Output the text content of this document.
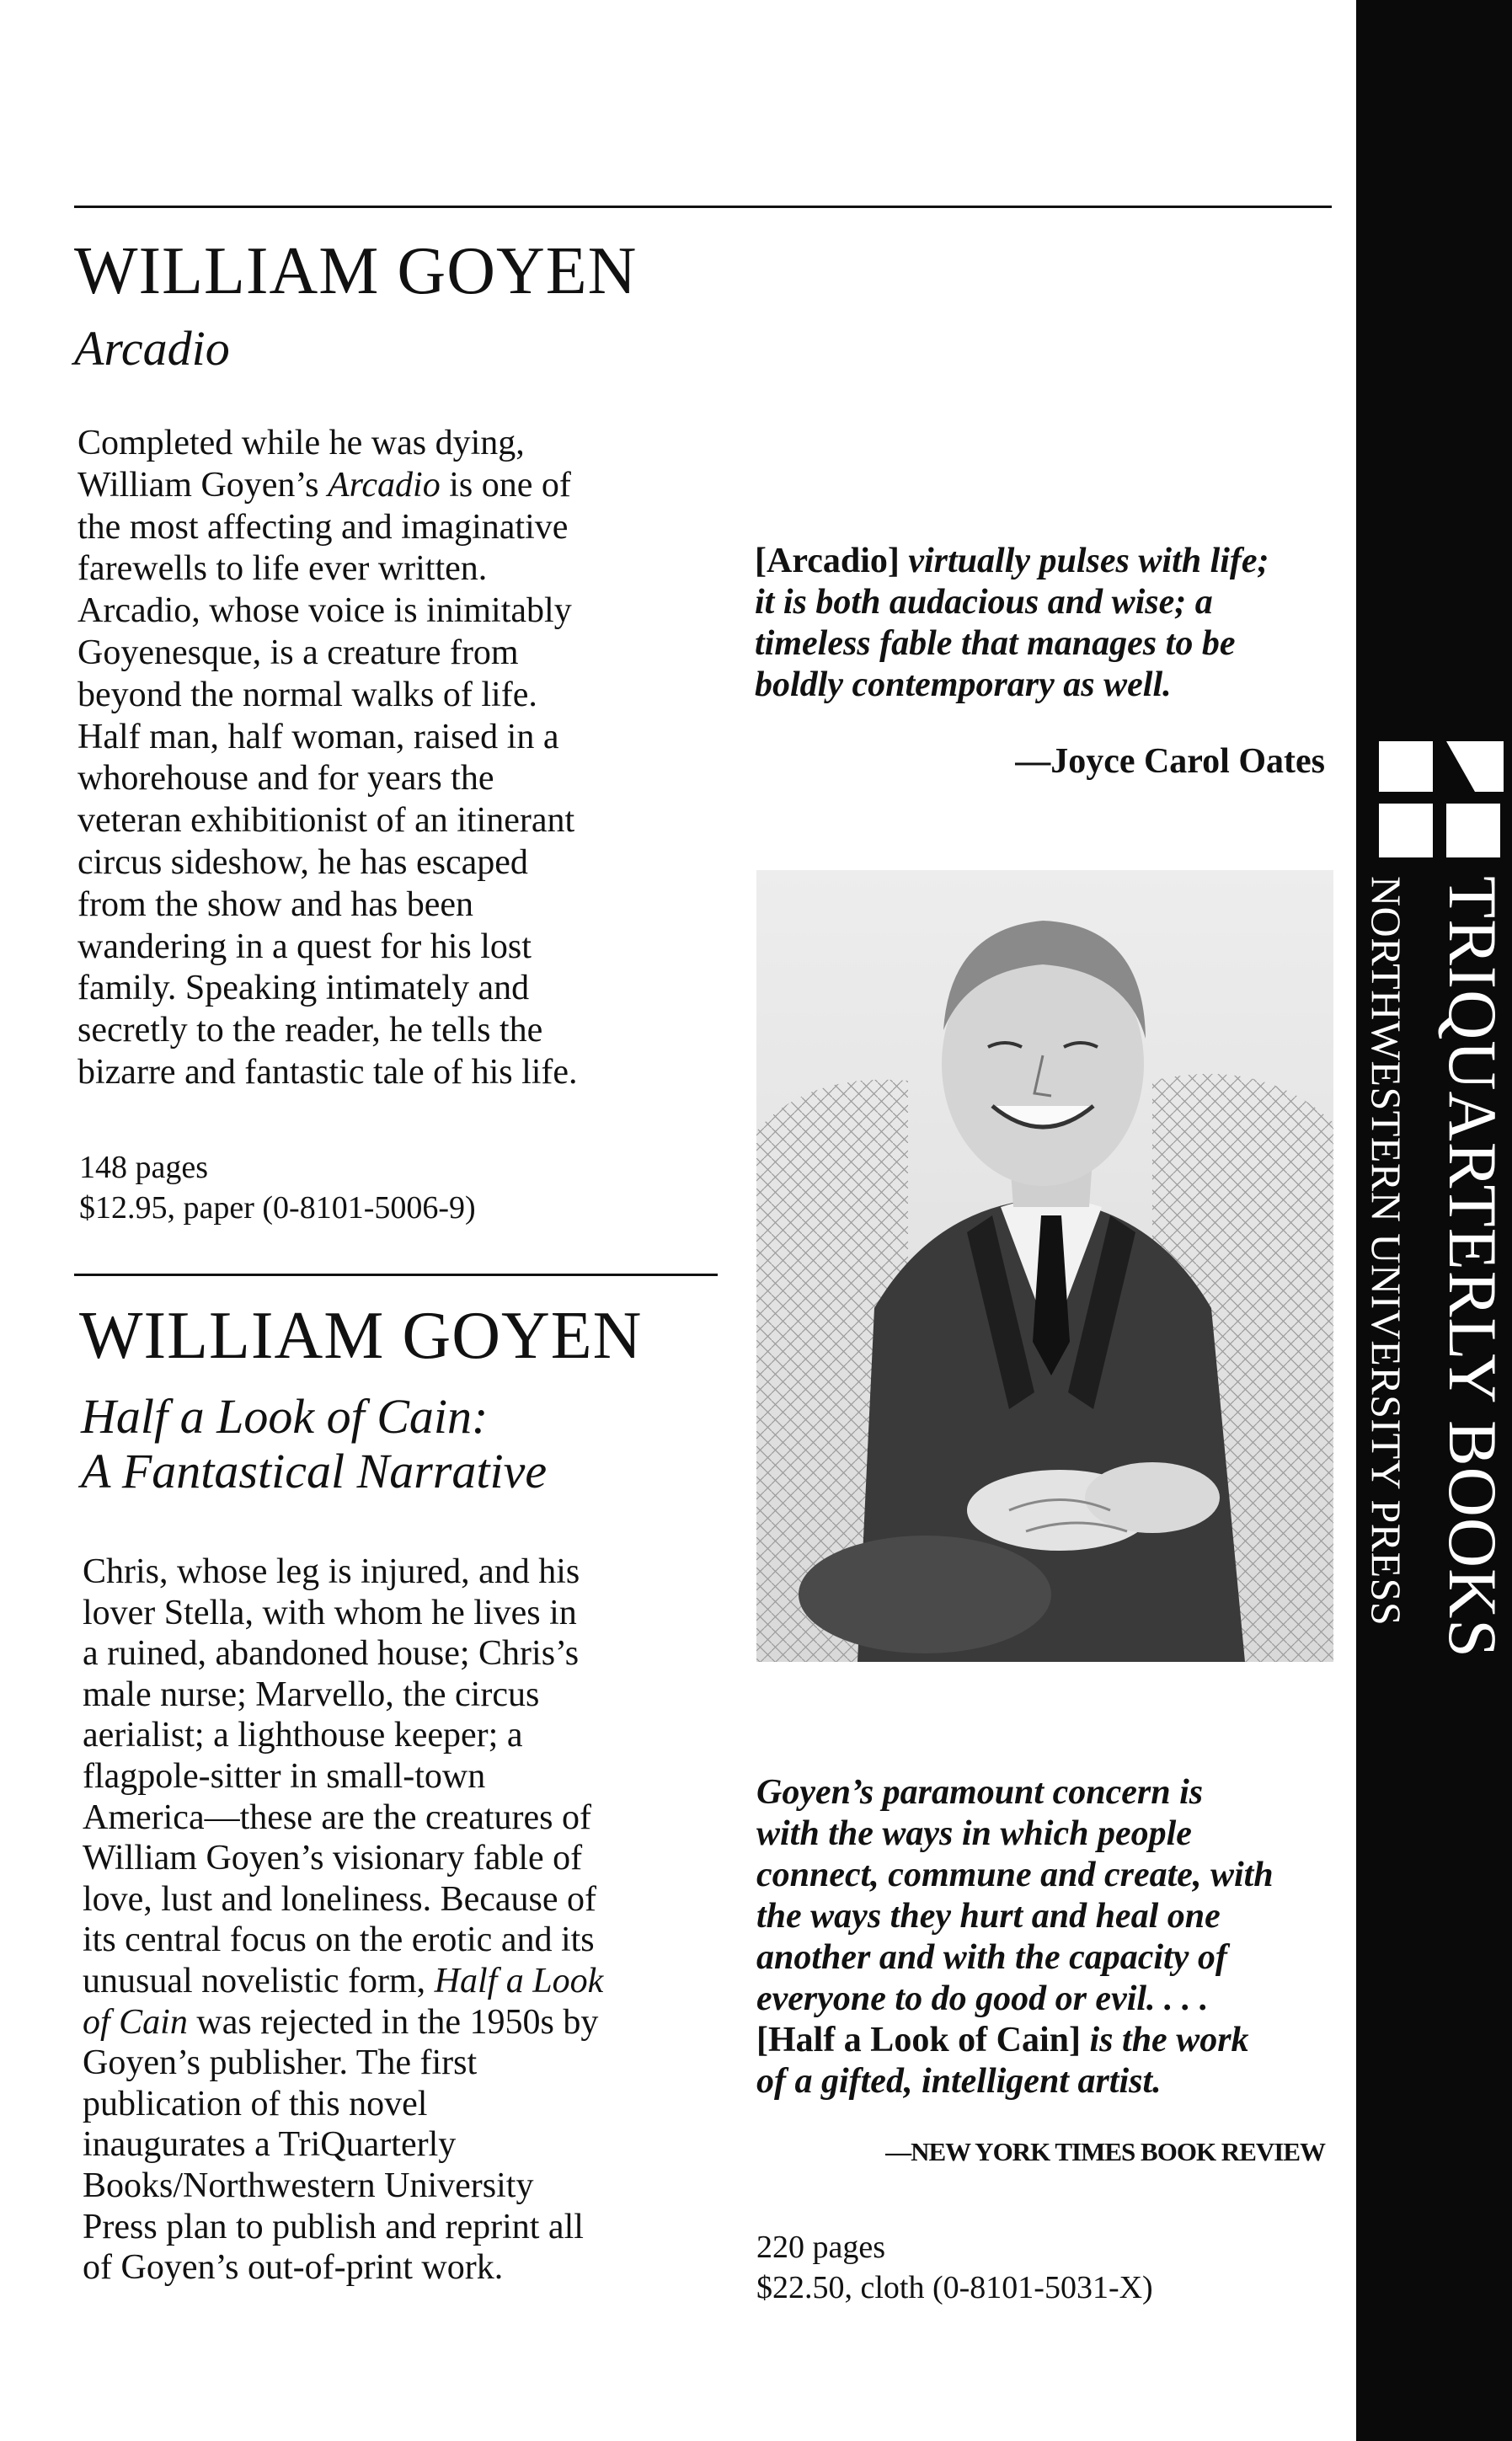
WILLIAM GOYEN
Arcadio
Completed while he was dying,
William Goyen’s Arcadio is one of
the most affecting and imaginative
farewells to life ever written.
Arcadio, whose voice is inimitably
Goyenesque, is a creature from
beyond the normal walks of life.
Half man, half woman, raised in a
whorehouse and for years the
veteran exhibitionist of an itinerant
circus sideshow, he has escaped
from the show and has been
wandering in a quest for his lost
family. Speaking intimately and
secretly to the reader, he tells the
bizarre and fantastic tale of his life.
148 pages
$12.95, paper (0-8101-5006-9)
[Arcadio] virtually pulses with life;
it is both audacious and wise; a
timeless fable that manages to be
boldly contemporary as well.
—Joyce Carol Oates
WILLIAM GOYEN
Half a Look of Cain:
A Fantastical Narrative
Chris, whose leg is injured, and his
lover Stella, with whom he lives in
a ruined, abandoned house; Chris’s
male nurse; Marvello, the circus
aerialist; a lighthouse keeper; a
flagpole-sitter in small-town
America—these are the creatures of
William Goyen’s visionary fable of
love, lust and loneliness. Because of
its central focus on the erotic and its
unusual novelistic form, Half a Look
of Cain was rejected in the 1950s by
Goyen’s publisher. The first
publication of this novel
inaugurates a TriQuarterly
Books/Northwestern University
Press plan to publish and reprint all
of Goyen’s out-of-print work.
Goyen’s paramount concern is
with the ways in which people
connect, commune and create, with
the ways they hurt and heal one
another and with the capacity of
everyone to do good or evil. . . .
[Half a Look of Cain] is the work
of a gifted, intelligent artist.
—NEW YORK TIMES BOOK REVIEW
220 pages
$22.50, cloth (0-8101-5031-X)
TRIQUARTERLY BOOKS
NORTHWESTERN UNIVERSITY PRESS
